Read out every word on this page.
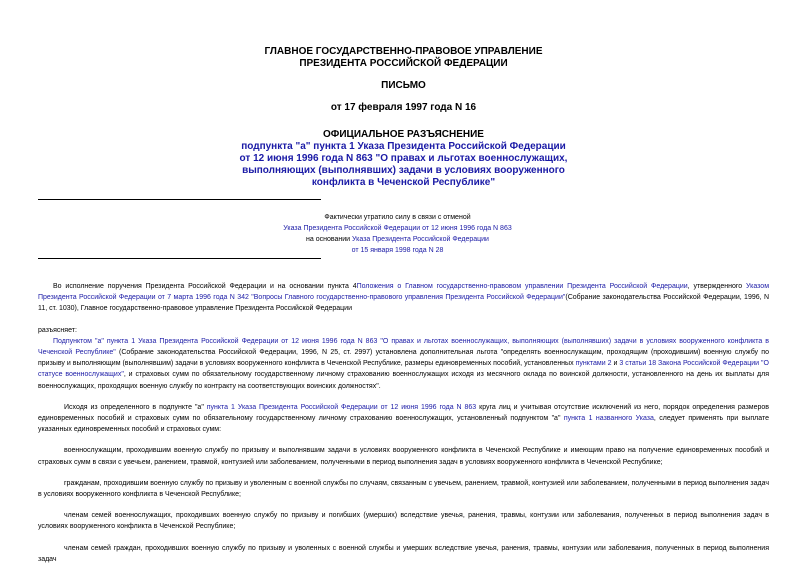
ГЛАВНОЕ ГОСУДАРСТВЕННО-ПРАВОВОЕ УПРАВЛЕНИЕ
ПРЕЗИДЕНТА РОССИЙСКОЙ ФЕДЕРАЦИИ
ПИСЬМО
от 17 февраля 1997 года N 16
ОФИЦИАЛЬНОЕ РАЗЪЯСНЕНИЕ
подпункта "а" пункта 1 Указа Президента Российской Федерации
от 12 июня 1996 года N 863 "О правах и льготах военнослужащих,
выполняющих (выполнявших) задачи в условиях вооруженного
конфликта в Чеченской Республике"
Фактически утратило силу в связи с отменой
Указа Президента Российской Федерации от 12 июня 1996 года N 863
на основании Указа Президента Российской Федерации
от 15 января 1998 года N 28

Во исполнение поручения Президента Российской Федерации и на основании пункта 4Положения о Главном государственно-правовом управлении Президента Российской Федерации, утвержденного Указом Президента Российской Федерации от 7 марта 1996 года N 342 "Вопросы Главного государственно-правового управления Президента Российской Федерации"(Собрание законодательства Российской Федерации, 1996, N 11, ст. 1030), Главное государственно-правовое управление Президента Российской Федерации

разъясняет:

Подпунктом "а" пункта 1 Указа Президента Российской Федерации от 12 июня 1996 года N 863 "О правах и льготах военнослужащих, выполняющих (выполнявших) задачи в условиях вооруженного конфликта в Чеченской Республике" (Собрание законодательства Российской Федерации, 1996, N 25, ст. 2997) установлена дополнительная льгота "определять военнослужащим, проходящим (проходившим) военную службу по призыву и выполняющим (выполнявшим) задачи в условиях вооруженного конфликта в Чеченской Республике, размеры единовременных пособий, установленных пунктами 2 и 3 статьи 18 Закона Российской Федерации "О статусе военнослужащих", и страховых сумм по обязательному государственному личному страхованию военнослужащих исходя из месячного оклада по воинской должности, установленного на день их выплаты для военнослужащих, проходящих военную службу по контракту на соответствующих воинских должностях".

Исходя из определенного в подпункте "а" пункта 1 Указа Президента Российской Федерации от 12 июня 1996 года N 863 круга лиц и учитывая отсутствие исключений из него, порядок определения размеров единовременных пособий и страховых сумм по обязательному государственному личному страхованию военнослужащих, установленный подпунктом "а" пункта 1 названного Указа, следует применять при выплате указанных единовременных пособий и страховых сумм:

военнослужащим, проходившим военную службу по призыву и выполнявшим задачи в условиях вооруженного конфликта в Чеченской Республике и имеющим право на получение единовременных пособий и страховых сумм в связи с увечьем, ранением, травмой, контузией или заболеванием, полученными в период выполнения задач в условиях вооруженного конфликта в Чеченской Республике;

гражданам, проходившим военную службу по призыву и уволенным с военной службы по случаям, связанным с увечьем, ранением, травмой, контузией или заболеванием, полученными в период выполнения задач в условиях вооруженного конфликта в Чеченской Республике;

членам семей военнослужащих, проходивших военную службу по призыву и погибших (умерших) вследствие увечья, ранения, травмы, контузии или заболевания, полученных в период выполнения задач в условиях вооруженного конфликта в Чеченской Республике;

членам семей граждан, проходивших военную службу по призыву и уволенных с военной службы и умерших вследствие увечья, ранения, травмы, контузии или заболевания, полученных в период выполнения задач
